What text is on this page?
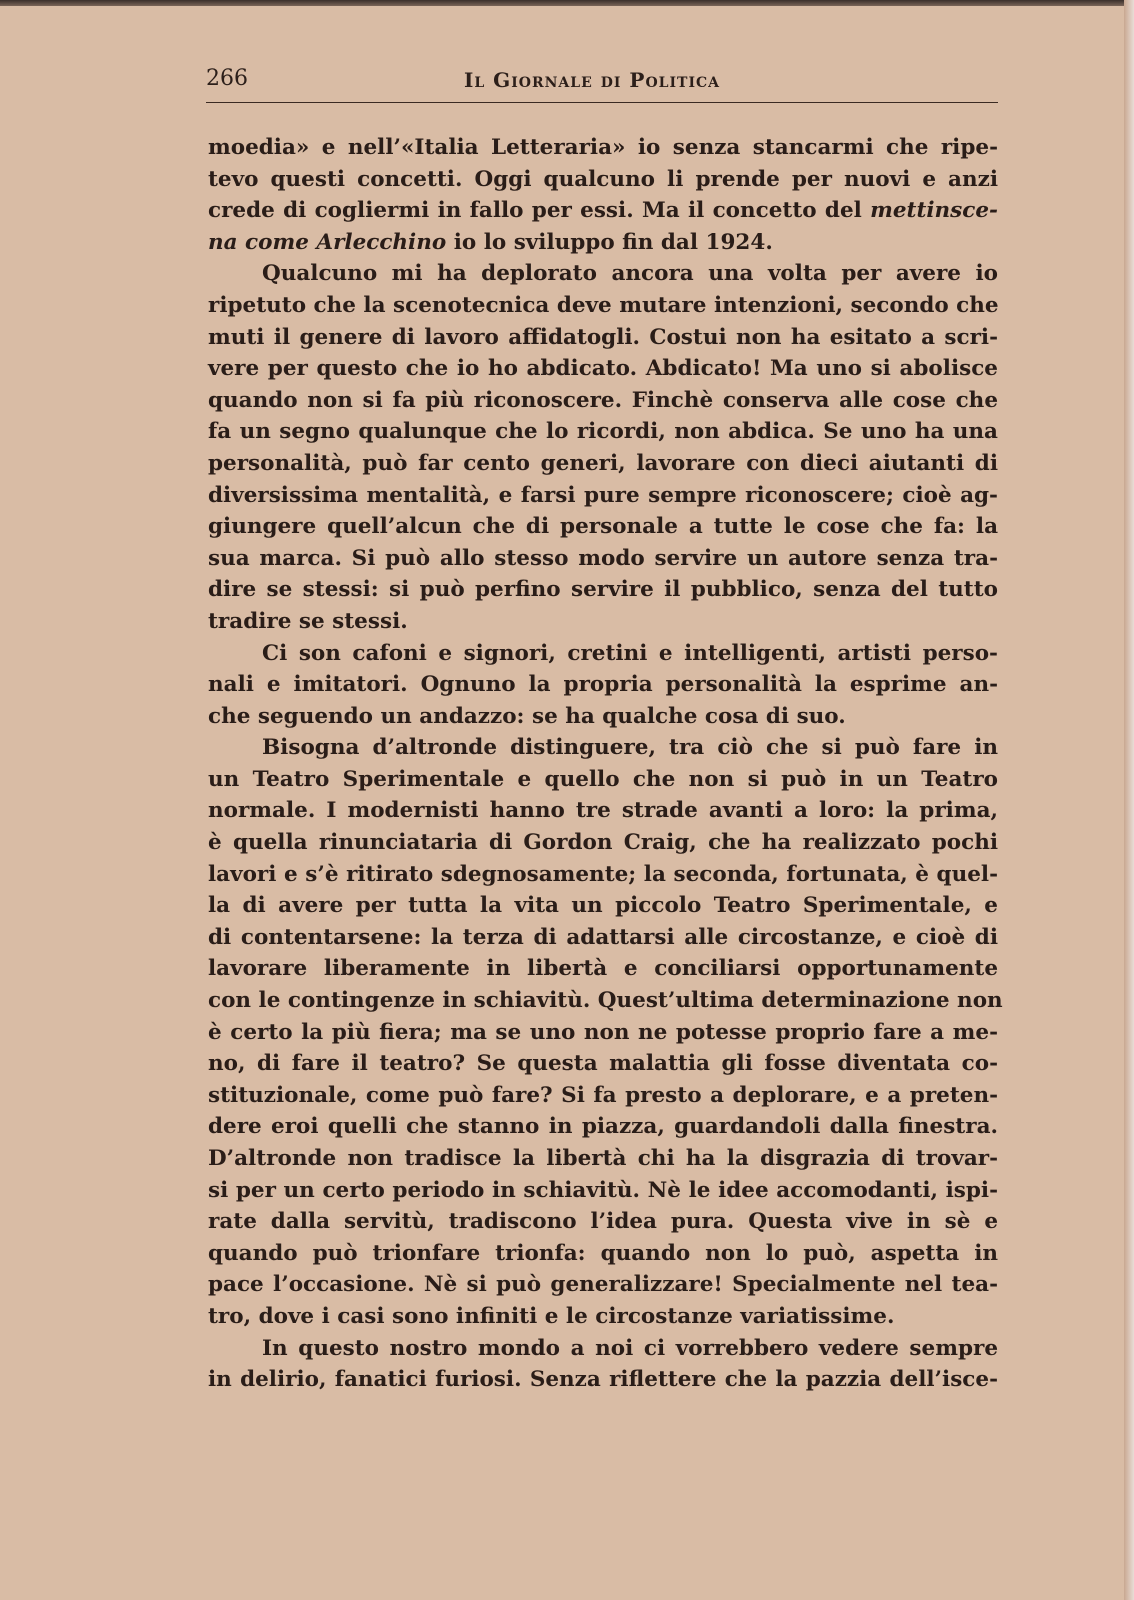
266	Il Giornale di Politica

moedia» e nell’«Italia Letteraria» io senza stancarmi che ripe-
tevo questi concetti. Oggi qualcuno li prende per nuovi e anzi
crede di cogliermi in fallo per essi. Ma il concetto del mettinsce-
na come Arlecchino io lo sviluppo fin dal 1924.

Qualcuno mi ha deplorato ancora una volta per avere io
ripetuto che la scenotecnica deve mutare intenzioni, secondo che
muti il genere di lavoro affidatogli. Costui non ha esitato a scri-
vere per questo che io ho abdicato. Abdicato! Ma uno si abolisce
quando non si fa più riconoscere. Finchè conserva alle cose che
fa un segno qualunque che lo ricordi, non abdica. Se uno ha una
personalità, può far cento generi, lavorare con dieci aiutanti di
diversissima mentalità, e farsi pure sempre riconoscere; cioè ag-
giungere quell’alcun che di personale a tutte le cose che fa: la
sua marca. Si può allo stesso modo servire un autore senza tra-
dire se stessi: si può perfino servire il pubblico, senza del tutto
tradire se stessi.

Ci son cafoni e signori, cretini e intelligenti, artisti perso-
nali e imitatori. Ognuno la propria personalità la esprime an-
che seguendo un andazzo: se ha qualche cosa di suo.

Bisogna d’altronde distinguere, tra ciò che si può fare in
un Teatro Sperimentale e quello che non si può in un Teatro
normale. I modernisti hanno tre strade avanti a loro: la prima,
è quella rinunciataria di Gordon Craig, che ha realizzato pochi
lavori e s’è ritirato sdegnosamente; la seconda, fortunata, è quel-
la di avere per tutta la vita un piccolo Teatro Sperimentale, e
di contentarsene: la terza di adattarsi alle circostanze, e cioè di
lavorare liberamente in libertà e conciliarsi opportunamente
con le contingenze in schiavitù. Quest’ultima determinazione non
è certo la più fiera; ma se uno non ne potesse proprio fare a me-
no, di fare il teatro? Se questa malattia gli fosse diventata co-
stituzionale, come può fare? Si fa presto a deplorare, e a preten-
dere eroi quelli che stanno in piazza, guardandoli dalla finestra.
D’altronde non tradisce la libertà chi ha la disgrazia di trovar-
si per un certo periodo in schiavitù. Nè le idee accomodanti, ispi-
rate dalla servitù, tradiscono l’idea pura. Questa vive in sè e
quando può trionfare trionfa: quando non lo può, aspetta in
pace l’occasione. Nè si può generalizzare! Specialmente nel tea-
tro, dove i casi sono infiniti e le circostanze variatissime.

In questo nostro mondo a noi ci vorrebbero vedere sempre
in delirio, fanatici furiosi. Senza riflettere che la pazzia dell’isce-
